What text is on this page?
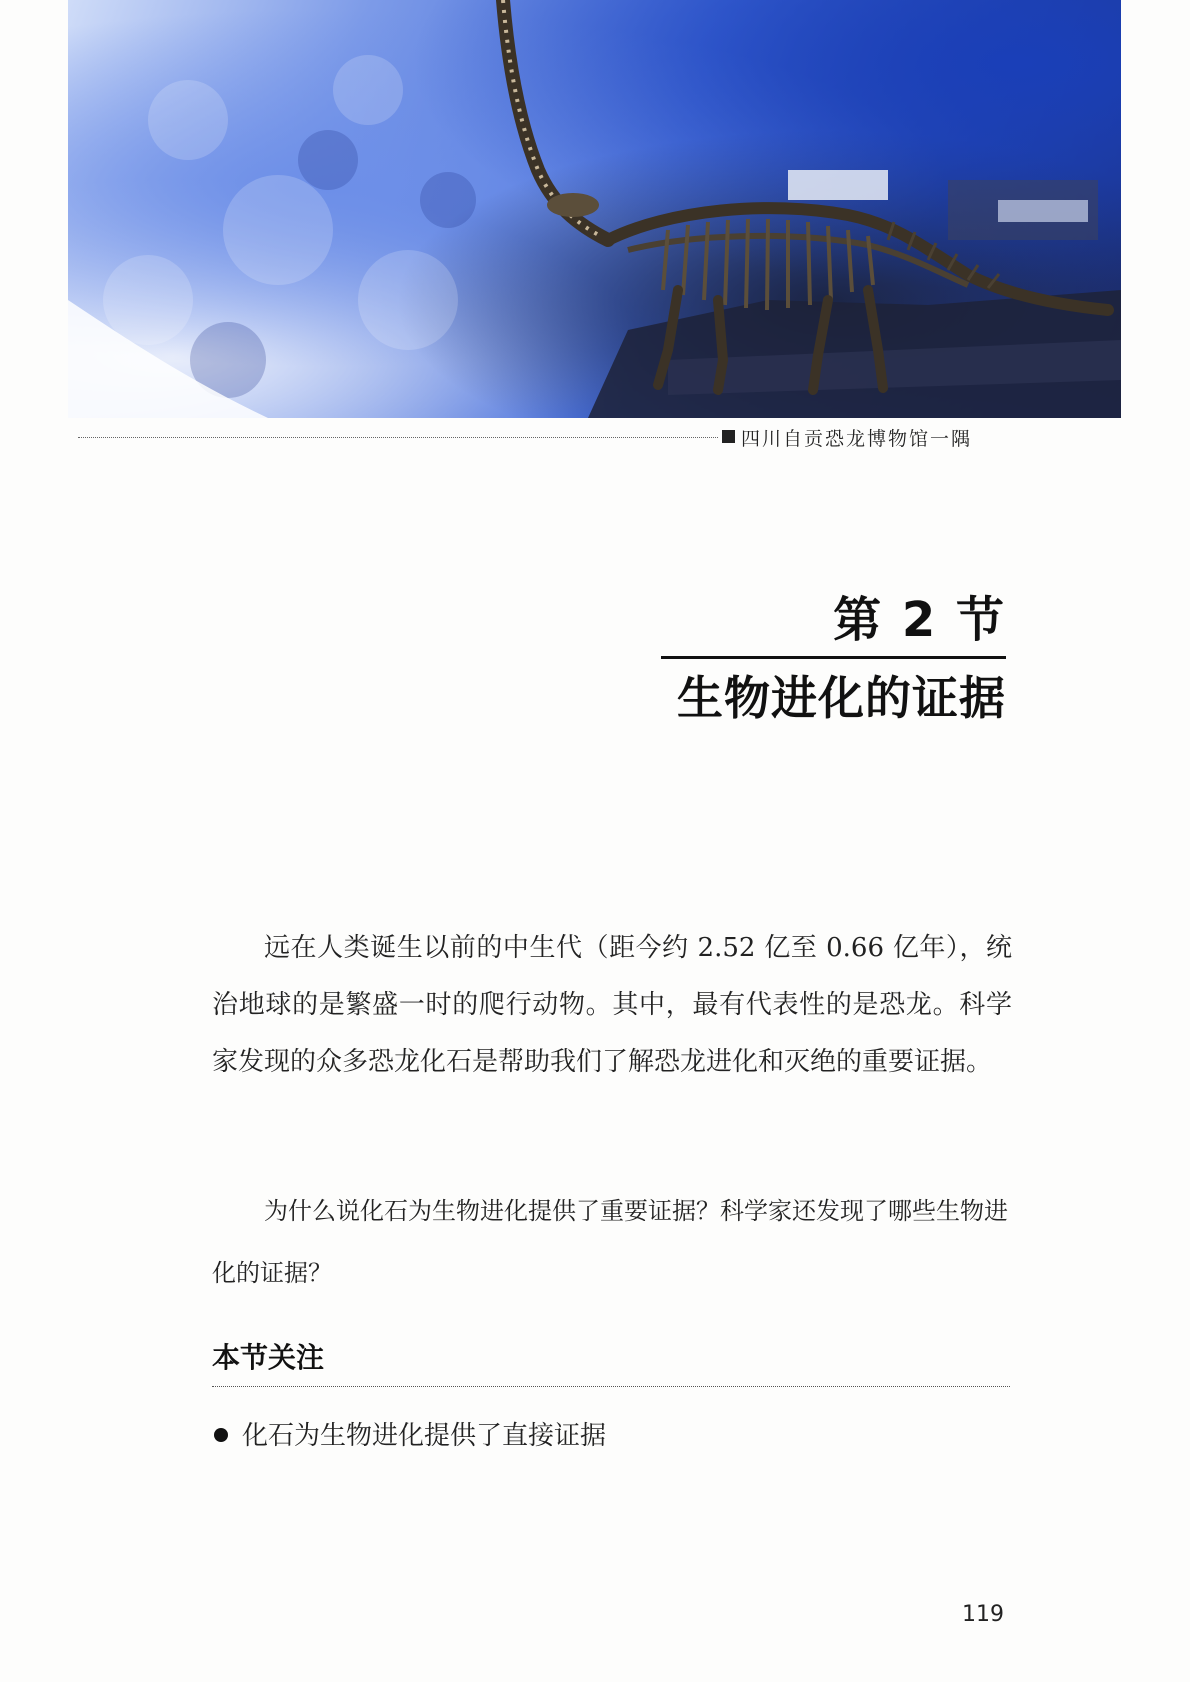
四川自贡恐龙博物馆一隅
第 2 节
生物进化的证据

远在人类诞生以前的中生代（距今约 2.52 亿至 0.66 亿年），统治地球的是繁盛一时的爬行动物。其中，最有代表性的是恐龙。科学家发现的众多恐龙化石是帮助我们了解恐龙进化和灭绝的重要证据。

为什么说化石为生物进化提供了重要证据？科学家还发现了哪些生物进化的证据？

本节关注
化石为生物进化提供了直接证据
119
